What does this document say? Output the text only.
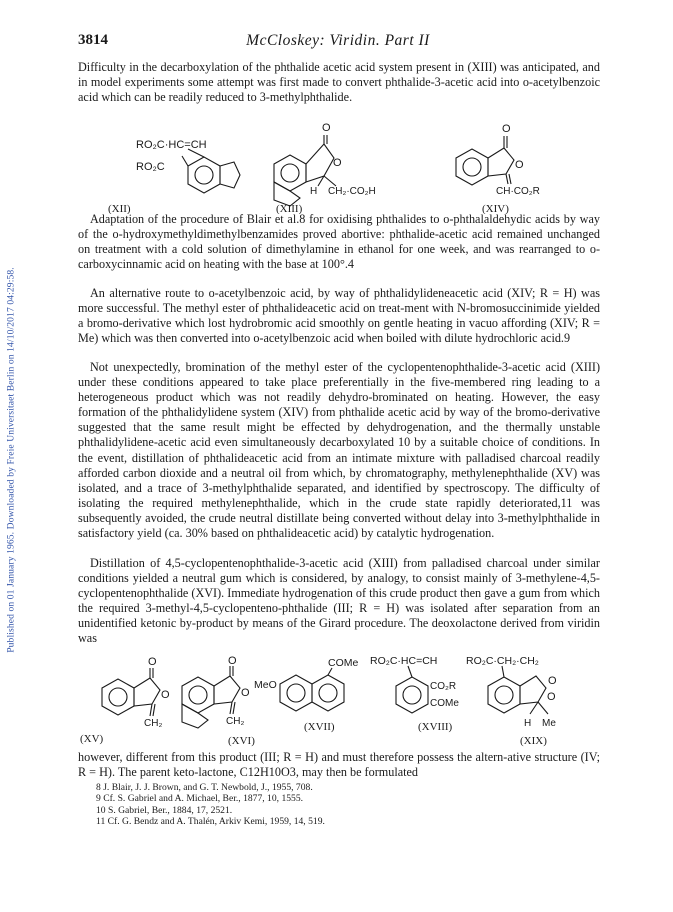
Published on 01 January 1965. Downloaded by Freie Universitaet Berlin on 14/10/2017 04:29:58.
3814	McCloskey: Viridin. Part II

Difficulty in the decarboxylation of the phthalide acetic acid system present in (XIII) was anticipated, and in model experiments some attempt was first made to convert phthalide-3-acetic acid into o-acetylbenzoic acid which can be readily reduced to 3-methylphthalide.

RO₂C·HC=CH
RO₂C
O
O
H CH₂·CO₂H
O
O
CH·CO₂R
(XII)	(XIII)	(XIV)

Adaptation of the procedure of Blair et al.8 for oxidising phthalides to o-phthalaldehydic acids by way of the o-hydroxymethyldimethylbenzamides proved abortive: phthalide-acetic acid remained unchanged on treatment with a cold solution of dimethylamine in ethanol for one week, and was rearranged to o-carboxycinnamic acid on heating with the base at 100°.4

An alternative route to o-acetylbenzoic acid, by way of phthalidylideneacetic acid (XIV; R = H) was more successful. The methyl ester of phthalideacetic acid on treat-ment with N-bromosuccinimide yielded a bromo-derivative which lost hydrobromic acid smoothly on gentle heating in vacuo affording (XIV; R = Me) which was then converted into o-acetylbenzoic acid when boiled with dilute hydrochloric acid.9

Not unexpectedly, bromination of the methyl ester of the cyclopentenophthalide-3-acetic acid (XIII) under these conditions appeared to take place preferentially in the five-membered ring leading to a heterogeneous product which was not readily dehydro-brominated on heating. However, the easy formation of the phthalidylidene system (XIV) from phthalide acetic acid by way of the bromo-derivative suggested that the same result might be effected by dehydrogenation, and the thermally unstable phthalidylidene-acetic acid even simultaneously decarboxylated 10 by a suitable choice of conditions. In the event, distillation of phthalideacetic acid from an intimate mixture with palladised charcoal readily afforded carbon dioxide and a neutral oil from which, by chromatography, methylenephthalide (XV) was isolated, and a trace of 3-methylphthalide separated, and identified by spectroscopy. The difficulty of isolating the required methylenephthalide, which in the crude state rapidly deteriorated,11 was subsequently avoided, the crude neutral distillate being converted without delay into 3-methylphthalide in satisfactory yield (ca. 30% based on phthalideacetic acid) by catalytic hydrogenation.

Distillation of 4,5-cyclopentenophthalide-3-acetic acid (XIII) from palladised charcoal under similar conditions yielded a neutral gum which is considered, by analogy, to consist mainly of 3-methylene-4,5-cyclopentenophthalide (XVI). Immediate hydrogenation of this crude product then gave a gum from which the required 3-methyl-4,5-cyclopenteno-phthalide (III; R = H) was isolated after separation from an unidentified ketonic by-product by means of the Girard procedure. The deoxolactone derived from viridin was

O
O
CH₂
O
O
CH₂
COMe
MeO
RO₂C·HC=CH
CO₂R
COMe
RO₂C·CH₂·CH₂
O
O
H Me
(XV)	(XVI)
(XVII)	(XVIII)
(XIX)

however, different from this product (III; R = H) and must therefore possess the altern-ative structure (IV; R = H). The parent keto-lactone, C12H10O3, may then be formulated

8 J. Blair, J. J. Brown, and G. T. Newbold, J., 1955, 708.
9 Cf. S. Gabriel and A. Michael, Ber., 1877, 10, 1555.
10 S. Gabriel, Ber., 1884, 17, 2521.
11 Cf. G. Bendz and A. Thalén, Arkiv Kemi, 1959, 14, 519.
